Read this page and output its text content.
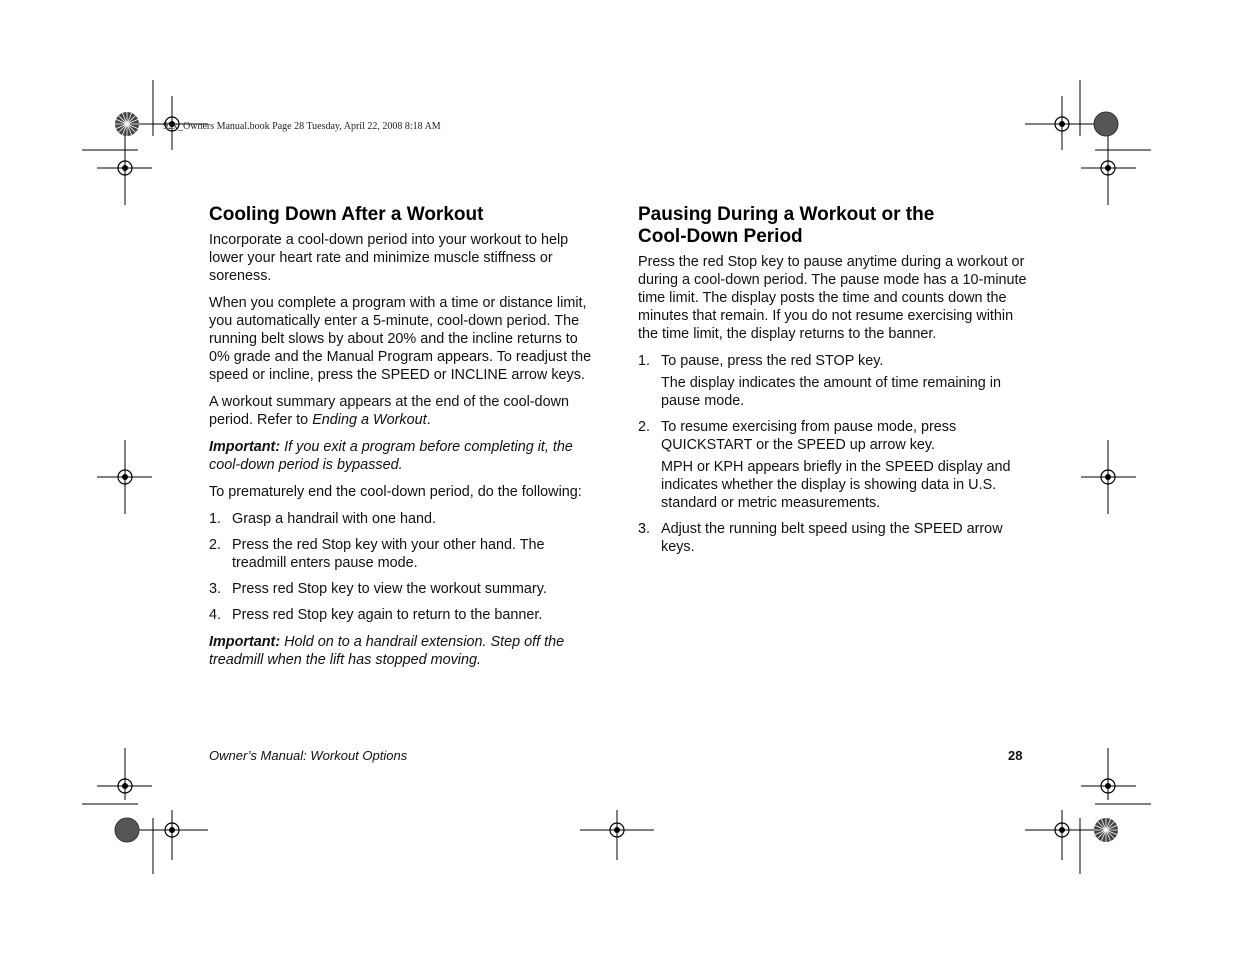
92x_Owners Manual.book Page 28 Tuesday, April 22, 2008 8:18 AM
Cooling Down After a Workout

Incorporate a cool-down period into your workout to help lower your heart rate and minimize muscle stiffness or soreness.

When you complete a program with a time or distance limit, you automatically enter a 5-minute, cool-down period. The running belt slows by about 20% and the incline returns to 0% grade and the Manual Program appears. To readjust the speed or incline, press the SPEED or INCLINE arrow keys.

A workout summary appears at the end of the cool-down period. Refer to Ending a Workout.

Important: If you exit a program before completing it, the cool-down period is bypassed.

To prematurely end the cool-down period, do the following:

1. Grasp a handrail with one hand.
2. Press the red Stop key with your other hand. The treadmill enters pause mode.
3. Press red Stop key to view the workout summary.
4. Press red Stop key again to return to the banner.

Important: Hold on to a handrail extension. Step off the treadmill when the lift has stopped moving.

Pausing During a Workout or the
Cool-Down Period

Press the red Stop key to pause anytime during a workout or during a cool-down period. The pause mode has a 10-minute time limit. The display posts the time and counts down the minutes that remain. If you do not resume exercising within the time limit, the display returns to the banner.

1. To pause, press the red STOP key.
The display indicates the amount of time remaining in pause mode.
2. To resume exercising from pause mode, press QUICKSTART or the SPEED up arrow key.
MPH or KPH appears briefly in the SPEED display and indicates whether the display is showing data in U.S. standard or metric measurements.
3. Adjust the running belt speed using the SPEED arrow keys.
Owner’s Manual: Workout Options	28
